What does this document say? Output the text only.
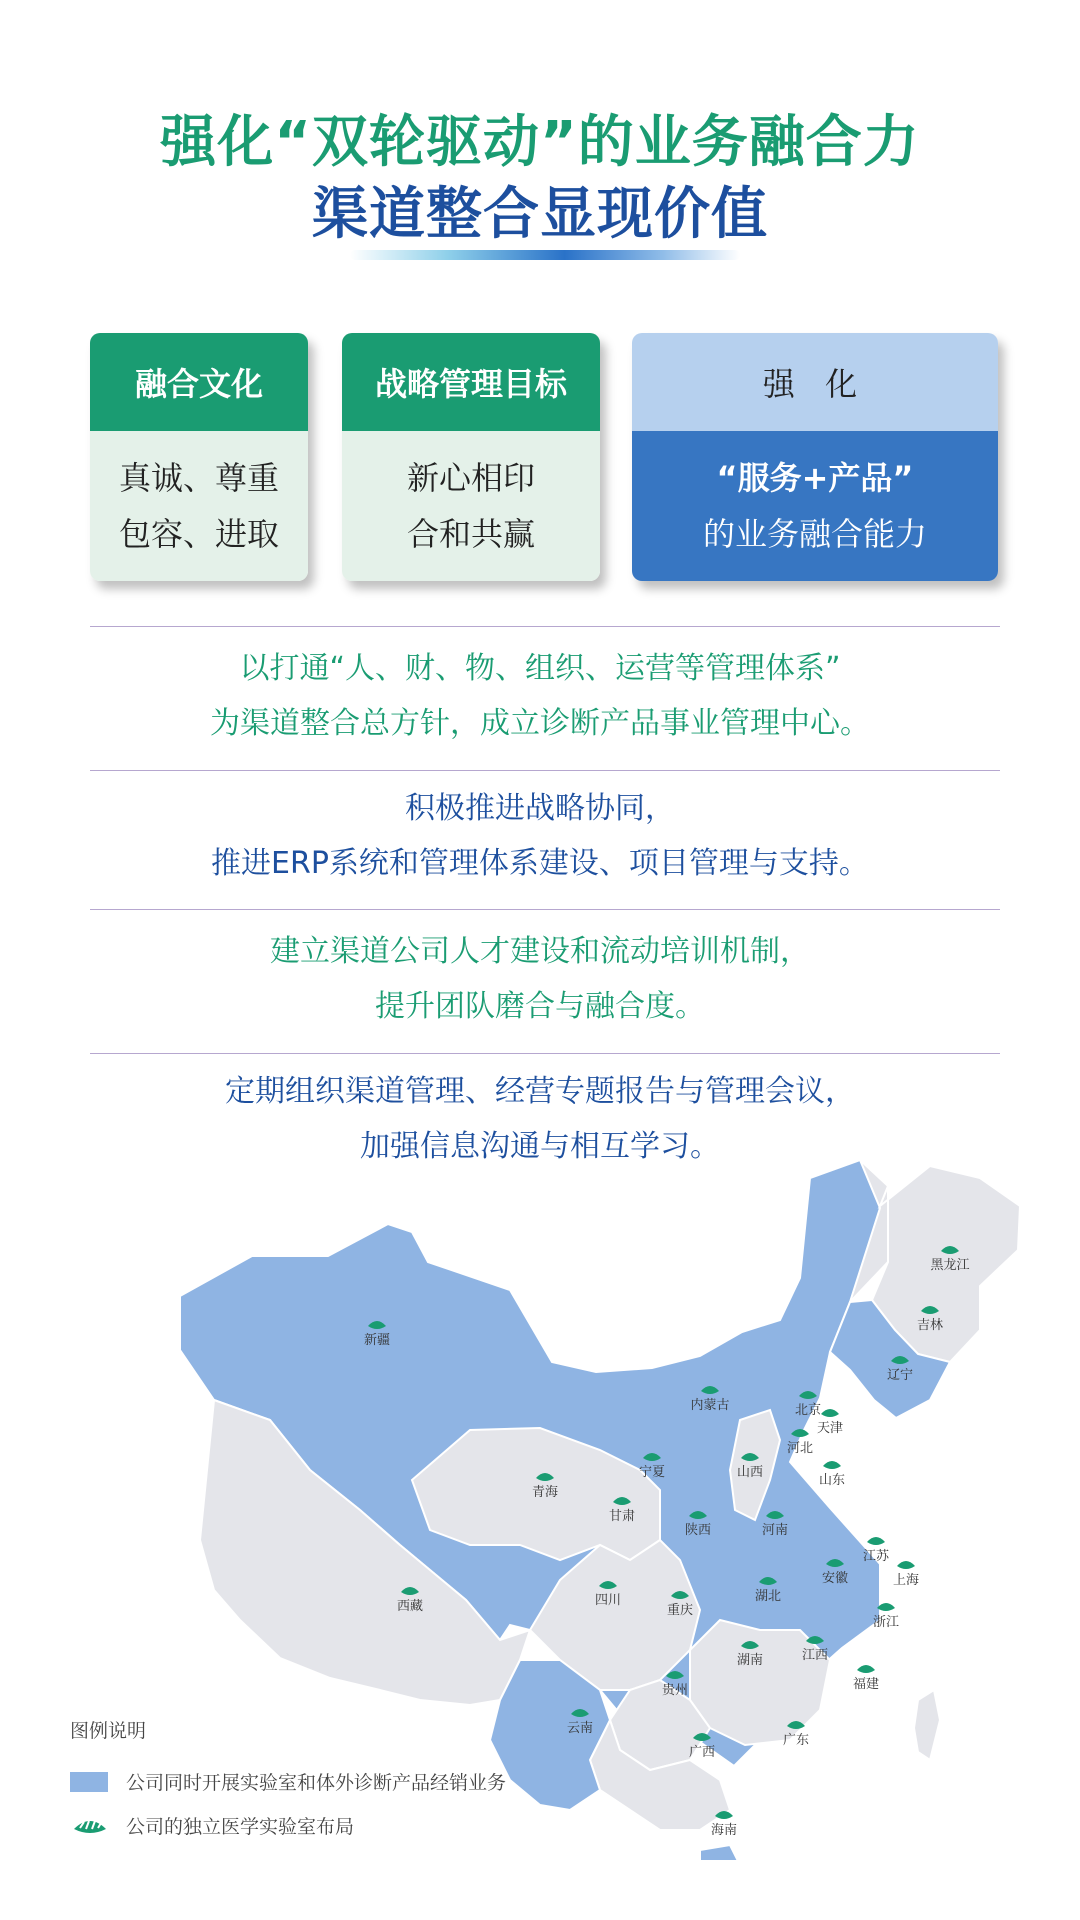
强化“双轮驱动”的业务融合力
渠道整合显现价值
融合文化
真诚、尊重
包容、进取
战略管理目标
新心相印
合和共赢
强 化
“服务+产品”
的业务融合能力
以打通“人、财、物、组织、运营等管理体系”
为渠道整合总方针，成立诊断产品事业管理中心。
积极推进战略协同，
推进ERP系统和管理体系建设、项目管理与支持。
建立渠道公司人才建设和流动培训机制，
提升团队磨合与融合度。
定期组织渠道管理、经营专题报告与管理会议，
加强信息沟通与相互学习。
黑龙江
吉林
辽宁
新疆
内蒙古	北京
天津
河北
宁夏	山西
青海
甘肃
山东
陕西	河南
江苏
安徽	上海
西藏	四川
重庆
湖北
浙江
湖南	江西
贵州	福建
云南
广西
广东
海南
图例说明
公司同时开展实验室和体外诊断产品经销业务
公司的独立医学实验室布局
